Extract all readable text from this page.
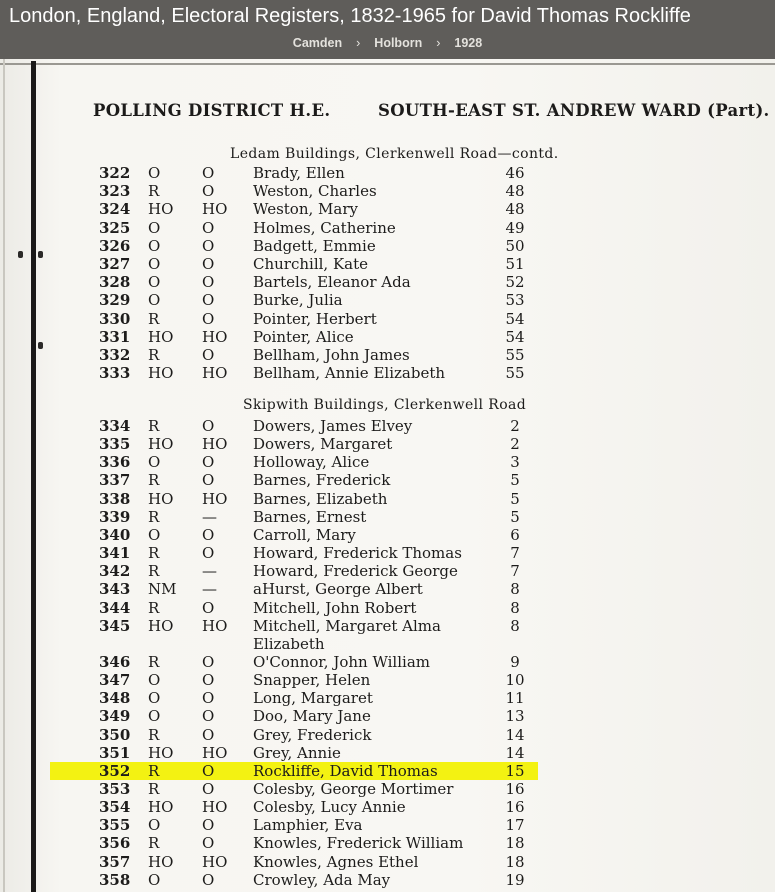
London, England, Electoral Registers, 1832-1965 for David Thomas Rockliffe
Camden › Holborn › 1928

POLLING DISTRICT H.E.	SOUTH-EAST ST. ANDREW WARD (Part).
Ledam Buildings, Clerkenwell Road—contd.
322 O	O	Brady, Ellen	46
323 R	O	Weston, Charles	48
324 HO HO Weston, Mary	48
325 O	O	Holmes, Catherine	49
326 O	O	Badgett, Emmie	50
327 O	O	Churchill, Kate	51
328 O	O	Bartels, Eleanor Ada	52
329 O	O	Burke, Julia	53
330 R	O	Pointer, Herbert	54
331 HO HO Pointer, Alice	54
332 R	O	Bellham, John James	55
333 HO HO Bellham, Annie Elizabeth	55
Skipwith Buildings, Clerkenwell Road
334 R	O	Dowers, James Elvey	2
335 HO HO Dowers, Margaret	2
336 O	O	Holloway, Alice	3
337 R	O	Barnes, Frederick	5
338 HO HO Barnes, Elizabeth	5
339 R	— Barnes, Ernest	5
340 O	O	Carroll, Mary	6
341 R	O	Howard, Frederick Thomas	7
342 R	— Howard, Frederick George	7
343 NM — aHurst, George Albert	8
344 R	O	Mitchell, John Robert	8
345 HO HO Mitchell, Margaret Alma	8
Elizabeth
346 R	O	O'Connor, John William	9
347 O	O	Snapper, Helen	10
348 O	O	Long, Margaret	11
349 O	O	Doo, Mary Jane	13
350 R	O	Grey, Frederick	14
351 HO HO Grey, Annie	14
352 R	O	Rockliffe, David Thomas	15
353 R	O	Colesby, George Mortimer	16
354 HO HO Colesby, Lucy Annie	16
355 O	O	Lamphier, Eva	17
356 R	O	Knowles, Frederick William	18
357 HO HO Knowles, Agnes Ethel	18
358 O	O	Crowley, Ada May	19
